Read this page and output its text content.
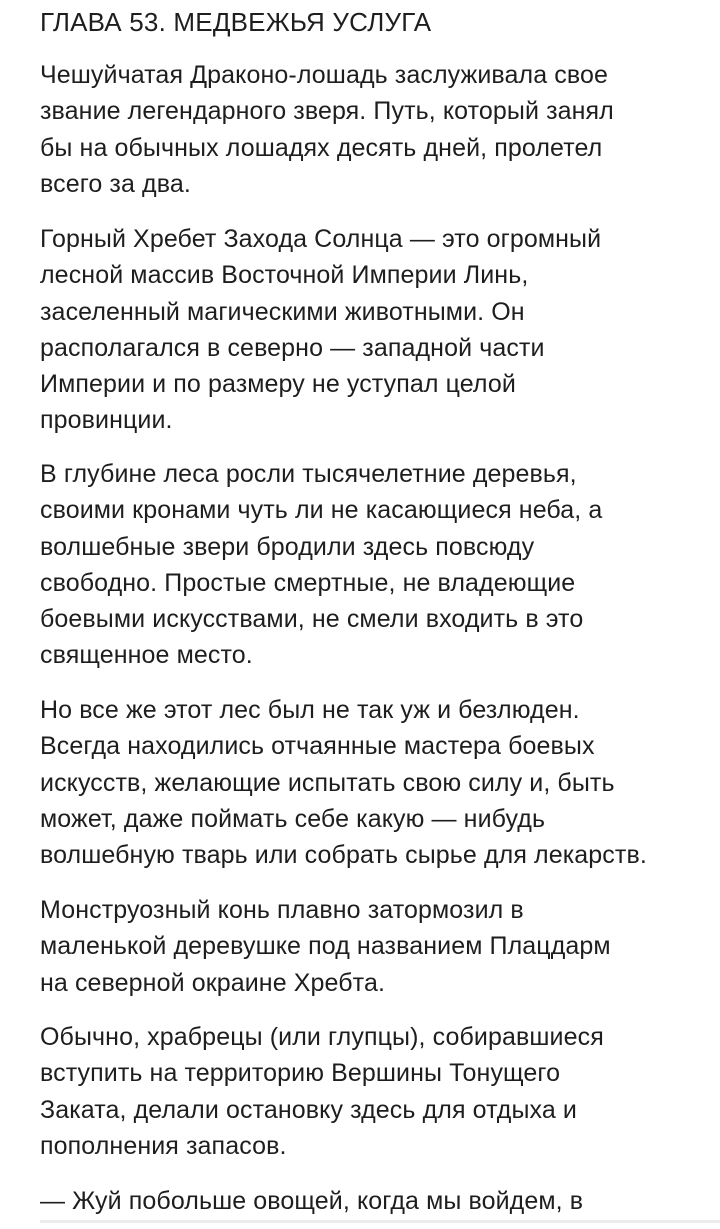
ГЛАВА 53. МЕДВЕЖЬЯ УСЛУГА

Чешуйчатая Драконо-лошадь заслуживала свое
звание легендарного зверя. Путь, который занял
бы на обычных лошадях десять дней, пролетел
всего за два.

Горный Хребет Захода Солнца — это огромный
лесной массив Восточной Империи Линь,
заселенный магическими животными. Он
располагался в северно — западной части
Империи и по размеру не уступал целой
провинции.

В глубине леса росли тысячелетние деревья,
своими кронами чуть ли не касающиеся неба, а
волшебные звери бродили здесь повсюду
свободно. Простые смертные, не владеющие
боевыми искусствами, не смели входить в это
священное место.

Но все же этот лес был не так уж и безлюден.
Всегда находились отчаянные мастера боевых
искусств, желающие испытать свою силу и, быть
может, даже поймать себе какую — нибудь
волшебную тварь или собрать сырье для лекарств.

Монструозный конь плавно затормозил в
маленькой деревушке под названием Плацдарм
на северной окраине Хребта.

Обычно, храбрецы (или глупцы), собиравшиеся
вступить на территорию Вершины Тонущего
Заката, делали остановку здесь для отдыха и
пополнения запасов.

— Жуй побольше овощей, когда мы войдем, в
